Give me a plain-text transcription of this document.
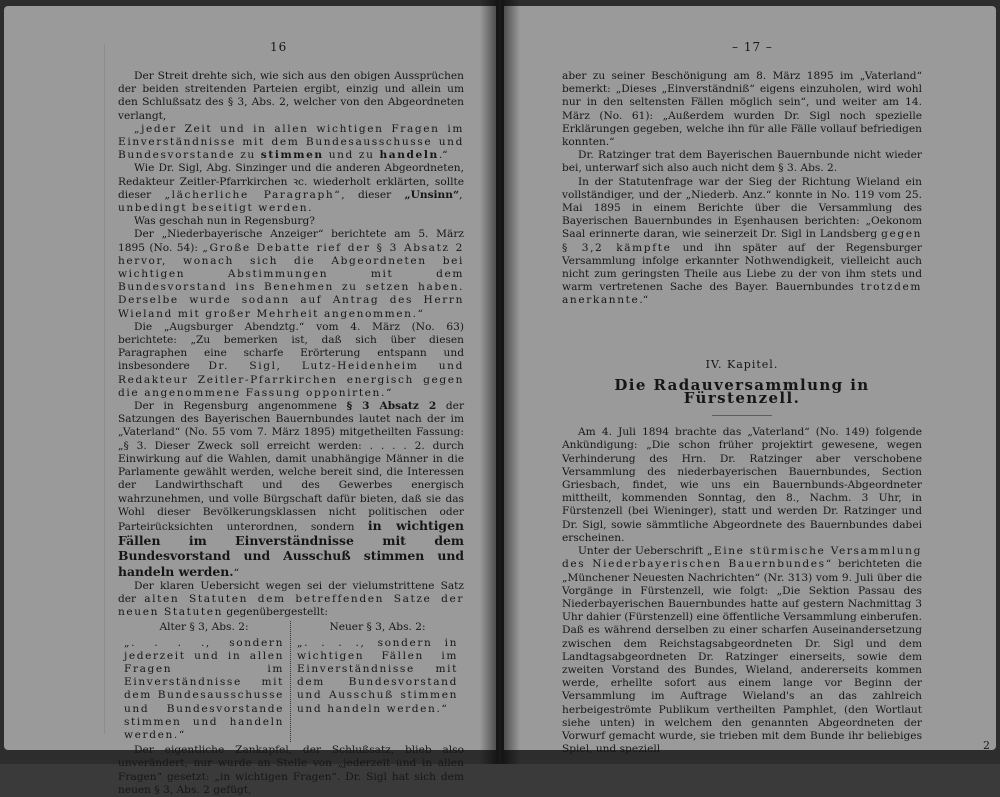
16

Der Streit drehte sich, wie sich aus den obigen Aussprüchen der beiden streitenden Parteien ergibt, einzig und allein um den Schlußsatz des § 3, Abs. 2, welcher von den Abgeordneten verlangt,

„jeder Zeit und in allen wichtigen Fragen im Einverständnisse mit dem Bundesausschusse und Bundesvorstande zu stimmen und zu handeln.“

Wie Dr. Sigl, Abg. Sinzinger und die anderen Abgeordneten, Redakteur Zeitler-Pfarrkirchen ꝛc. wiederholt erklärten, sollte dieser „lächerliche Paragraph“, dieser „Unsinn“, unbedingt beseitigt werden.

Was geschah nun in Regensburg?

Der „Niederbayerische Anzeiger“ berichtete am 5. März 1895 (No. 54): „Große Debatte rief der § 3 Absatz 2 hervor, wonach sich die Abgeordneten bei wichtigen Abstimmungen mit dem Bundesvorstand ins Benehmen zu setzen haben. Derselbe wurde sodann auf Antrag des Herrn Wieland mit großer Mehrheit angenommen.“

Die „Augsburger Abendztg.“ vom 4. März (No. 63) berichtete: „Zu bemerken ist, daß sich über diesen Paragraphen eine scharfe Erörterung entspann und insbesondere Dr. Sigl, Lutz-Heidenheim und Redakteur Zeitler-Pfarrkirchen energisch gegen die angenommene Fassung opponirten.“

Der in Regensburg angenommene § 3 Absatz 2 der Satzungen des Bayerischen Bauernbundes lautet nach der im „Vaterland“ (No. 55 vom 7. März 1895) mitgetheilten Fassung: „§ 3. Dieser Zweck soll erreicht werden: . . . . 2. durch Einwirkung auf die Wahlen, damit unabhängige Männer in die Parlamente gewählt werden, welche bereit sind, die Interessen der Landwirthschaft und des Gewerbes energisch wahrzunehmen, und volle Bürgschaft dafür bieten, daß sie das Wohl dieser Bevölkerungsklassen nicht politischen oder Parteirücksichten unterordnen, sondern in wichtigen Fällen im Einverständnisse mit dem Bundesvorstand und Ausschuß stimmen und handeln werden.“

Der klaren Uebersicht wegen sei der vielumstrittene Satz der alten Statuten dem betreffenden Satze der neuen Statuten gegenübergestellt:

Alter § 3, Abs. 2:

„. . . ., sondern jederzeit und in allen Fragen im Einverständnisse mit dem Bundesausschusse und Bundesvorstande stimmen und handeln werden.“

Neuer § 3, Abs. 2:

„. . . ., sondern in wichtigen Fällen im Einverständnisse mit dem Bundesvorstand und Ausschuß stimmen und handeln werden.“

Der eigentliche Zankapfel, der Schlußsatz, blieb also unverändert, nur wurde an Stelle von „jederzeit und in allen Fragen“ gesetzt: „in wichtigen Fragen“. Dr. Sigl hat sich dem neuen § 3, Abs. 2 gefügt,

– 17 –

aber zu seiner Beschönigung am 8. März 1895 im „Vaterland“ bemerkt: „Dieses „Einverständniß“ eigens einzuholen, wird wohl nur in den seltensten Fällen möglich sein“, und weiter am 14. März (No. 61): „Außerdem wurden Dr. Sigl noch spezielle Erklärungen gegeben, welche ihn für alle Fälle vollauf befriedigen konnten.“

Dr. Ratzinger trat dem Bayerischen Bauernbunde nicht wieder bei, unterwarf sich also auch nicht dem § 3. Abs. 2.

In der Statutenfrage war der Sieg der Richtung Wieland ein vollständiger, und der „Niederb. Anz.“ konnte in No. 119 vom 25. Mai 1895 in einem Berichte über die Versammlung des Bayerischen Bauernbundes in Eşenhausen berichten: „Oekonom Saal erinnerte daran, wie seinerzeit Dr. Sigl in Landsberg gegen § 3,2 kämpfte und ihn später auf der Regensburger Versammlung infolge erkannter Nothwendigkeit, vielleicht auch nicht zum geringsten Theile aus Liebe zu der von ihm stets und warm vertretenen Sache des Bayer. Bauernbundes trotzdem anerkannte.“

IV. Kapitel.
Die Radauversammlung in Fürstenzell.

Am 4. Juli 1894 brachte das „Vaterland“ (No. 149) folgende Ankündigung: „Die schon früher projektirt gewesene, wegen Verhinderung des Hrn. Dr. Ratzinger aber verschobene Versammlung des niederbayerischen Bauernbundes, Section Griesbach, findet, wie uns ein Bauernbunds-Abgeordneter mittheilt, kommenden Sonntag, den 8., Nachm. 3 Uhr, in Fürstenzell (bei Wieninger), statt und werden Dr. Ratzinger und Dr. Sigl, sowie sämmtliche Abgeordnete des Bauernbundes dabei erscheinen.

Unter der Ueberschrift „Eine stürmische Versammlung des Niederbayerischen Bauernbundes“ berichteten die „Münchener Neuesten Nachrichten“ (Nr. 313) vom 9. Juli über die Vorgänge in Fürstenzell, wie folgt: „Die Sektion Passau des Niederbayerischen Bauernbundes hatte auf gestern Nachmittag 3 Uhr dahier (Fürstenzell) eine öffentliche Versammlung einberufen. Daß es während derselben zu einer scharfen Auseinandersetzung zwischen dem Reichstagsabgeordneten Dr. Sigl und dem Landtagsabgeordneten Dr. Ratzinger einerseits, sowie dem zweiten Vorstand des Bundes, Wieland, andererseits kommen werde, erhellte sofort aus einem lange vor Beginn der Versammlung im Auftrage Wieland's an das zahlreich herbeigeströmte Publikum vertheilten Pamphlet, (den Wortlaut siehe unten) in welchem den genannten Abgeordneten der Vorwurf gemacht wurde, sie trieben mit dem Bunde ihr beliebiges Spiel, und speziell	2
